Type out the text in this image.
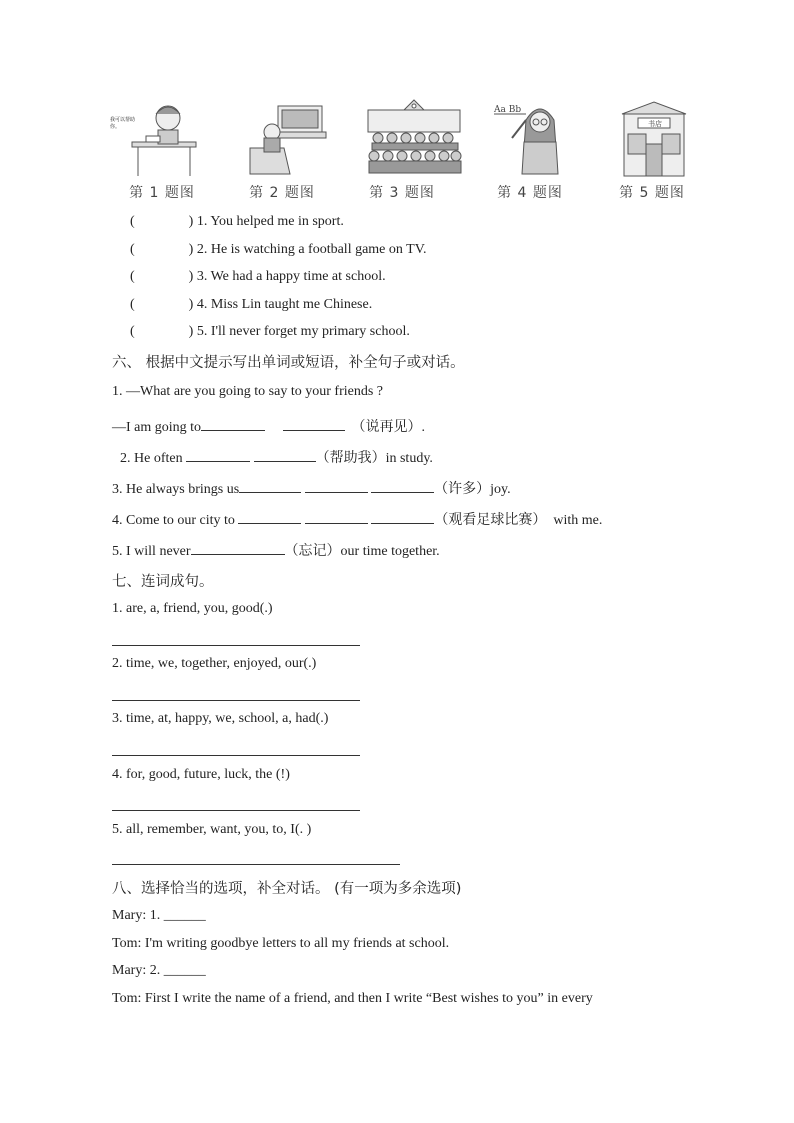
我可以帮助你。
第 1 题图	第 2 题图	第 3 题图
Aa Bb
第 4 题图
书店
第 5 题图
(	) 1. You helped me in sport.
(	) 2. He is watching a football game on TV.
(	) 3. We had a happy time at school.
(	) 4. Miss Lin taught me Chinese.
(	) 5. I'll never forget my primary school.
六、 根据中文提示写出单词或短语，补全句子或对话。
1. —What are you going to say to your friends ?
—I am going to	（说再见）.
2. He often	（帮助我）in study.
3. He always brings us	（许多）joy.
4. Come to our city to	（观看足球比赛） with me.
5. I will never	（忘记）our time together.
七、连词成句。
1. are, a, friend, you, good(.)
2. time, we, together, enjoyed, our(.)
3. time, at, happy, we, school, a, had(.)
4. for, good, future, luck, the (!)
5. all, remember, want, you, to, I(. )
八、选择恰当的选项，补全对话。 (有一项为多余选项)
Mary: 1. ______
Tom: I'm writing goodbye letters to all my friends at school.
Mary: 2. ______
Tom: First I write the name of a friend, and then I write “Best wishes to you” in every
